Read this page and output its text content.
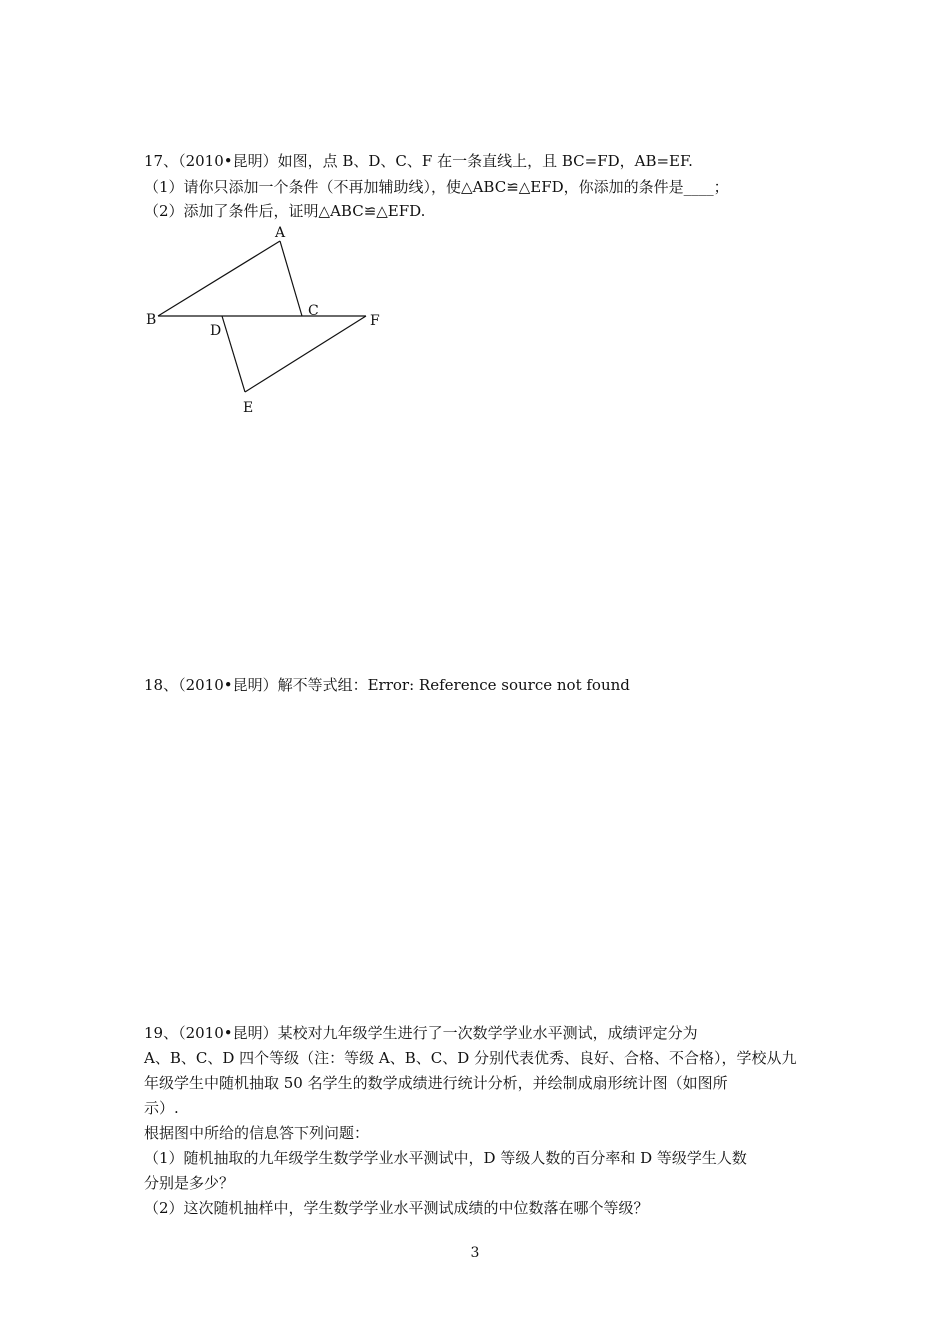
17、（2010•昆明）如图，点 B、D、C、F 在一条直线上，且 BC=FD，AB=EF.
（1）请你只添加一个条件（不再加辅助线），使△ABC≌△EFD，你添加的条件是____；
（2）添加了条件后，证明△ABC≌△EFD.
A
B
C
D
E
F
18、（2010•昆明）解不等式组：Error: Reference source not found
19、（2010•昆明）某校对九年级学生进行了一次数学学业水平测试，成绩评定分为
A、B、C、D 四个等级（注：等级 A、B、C、D 分别代表优秀、良好、合格、不合格），学校从九
年级学生中随机抽取 50 名学生的数学成绩进行统计分析，并绘制成扇形统计图（如图所
示）.
根据图中所给的信息答下列问题：
（1）随机抽取的九年级学生数学学业水平测试中，D 等级人数的百分率和 D 等级学生人数
分别是多少？
（2）这次随机抽样中，学生数学学业水平测试成绩的中位数落在哪个等级？
3
